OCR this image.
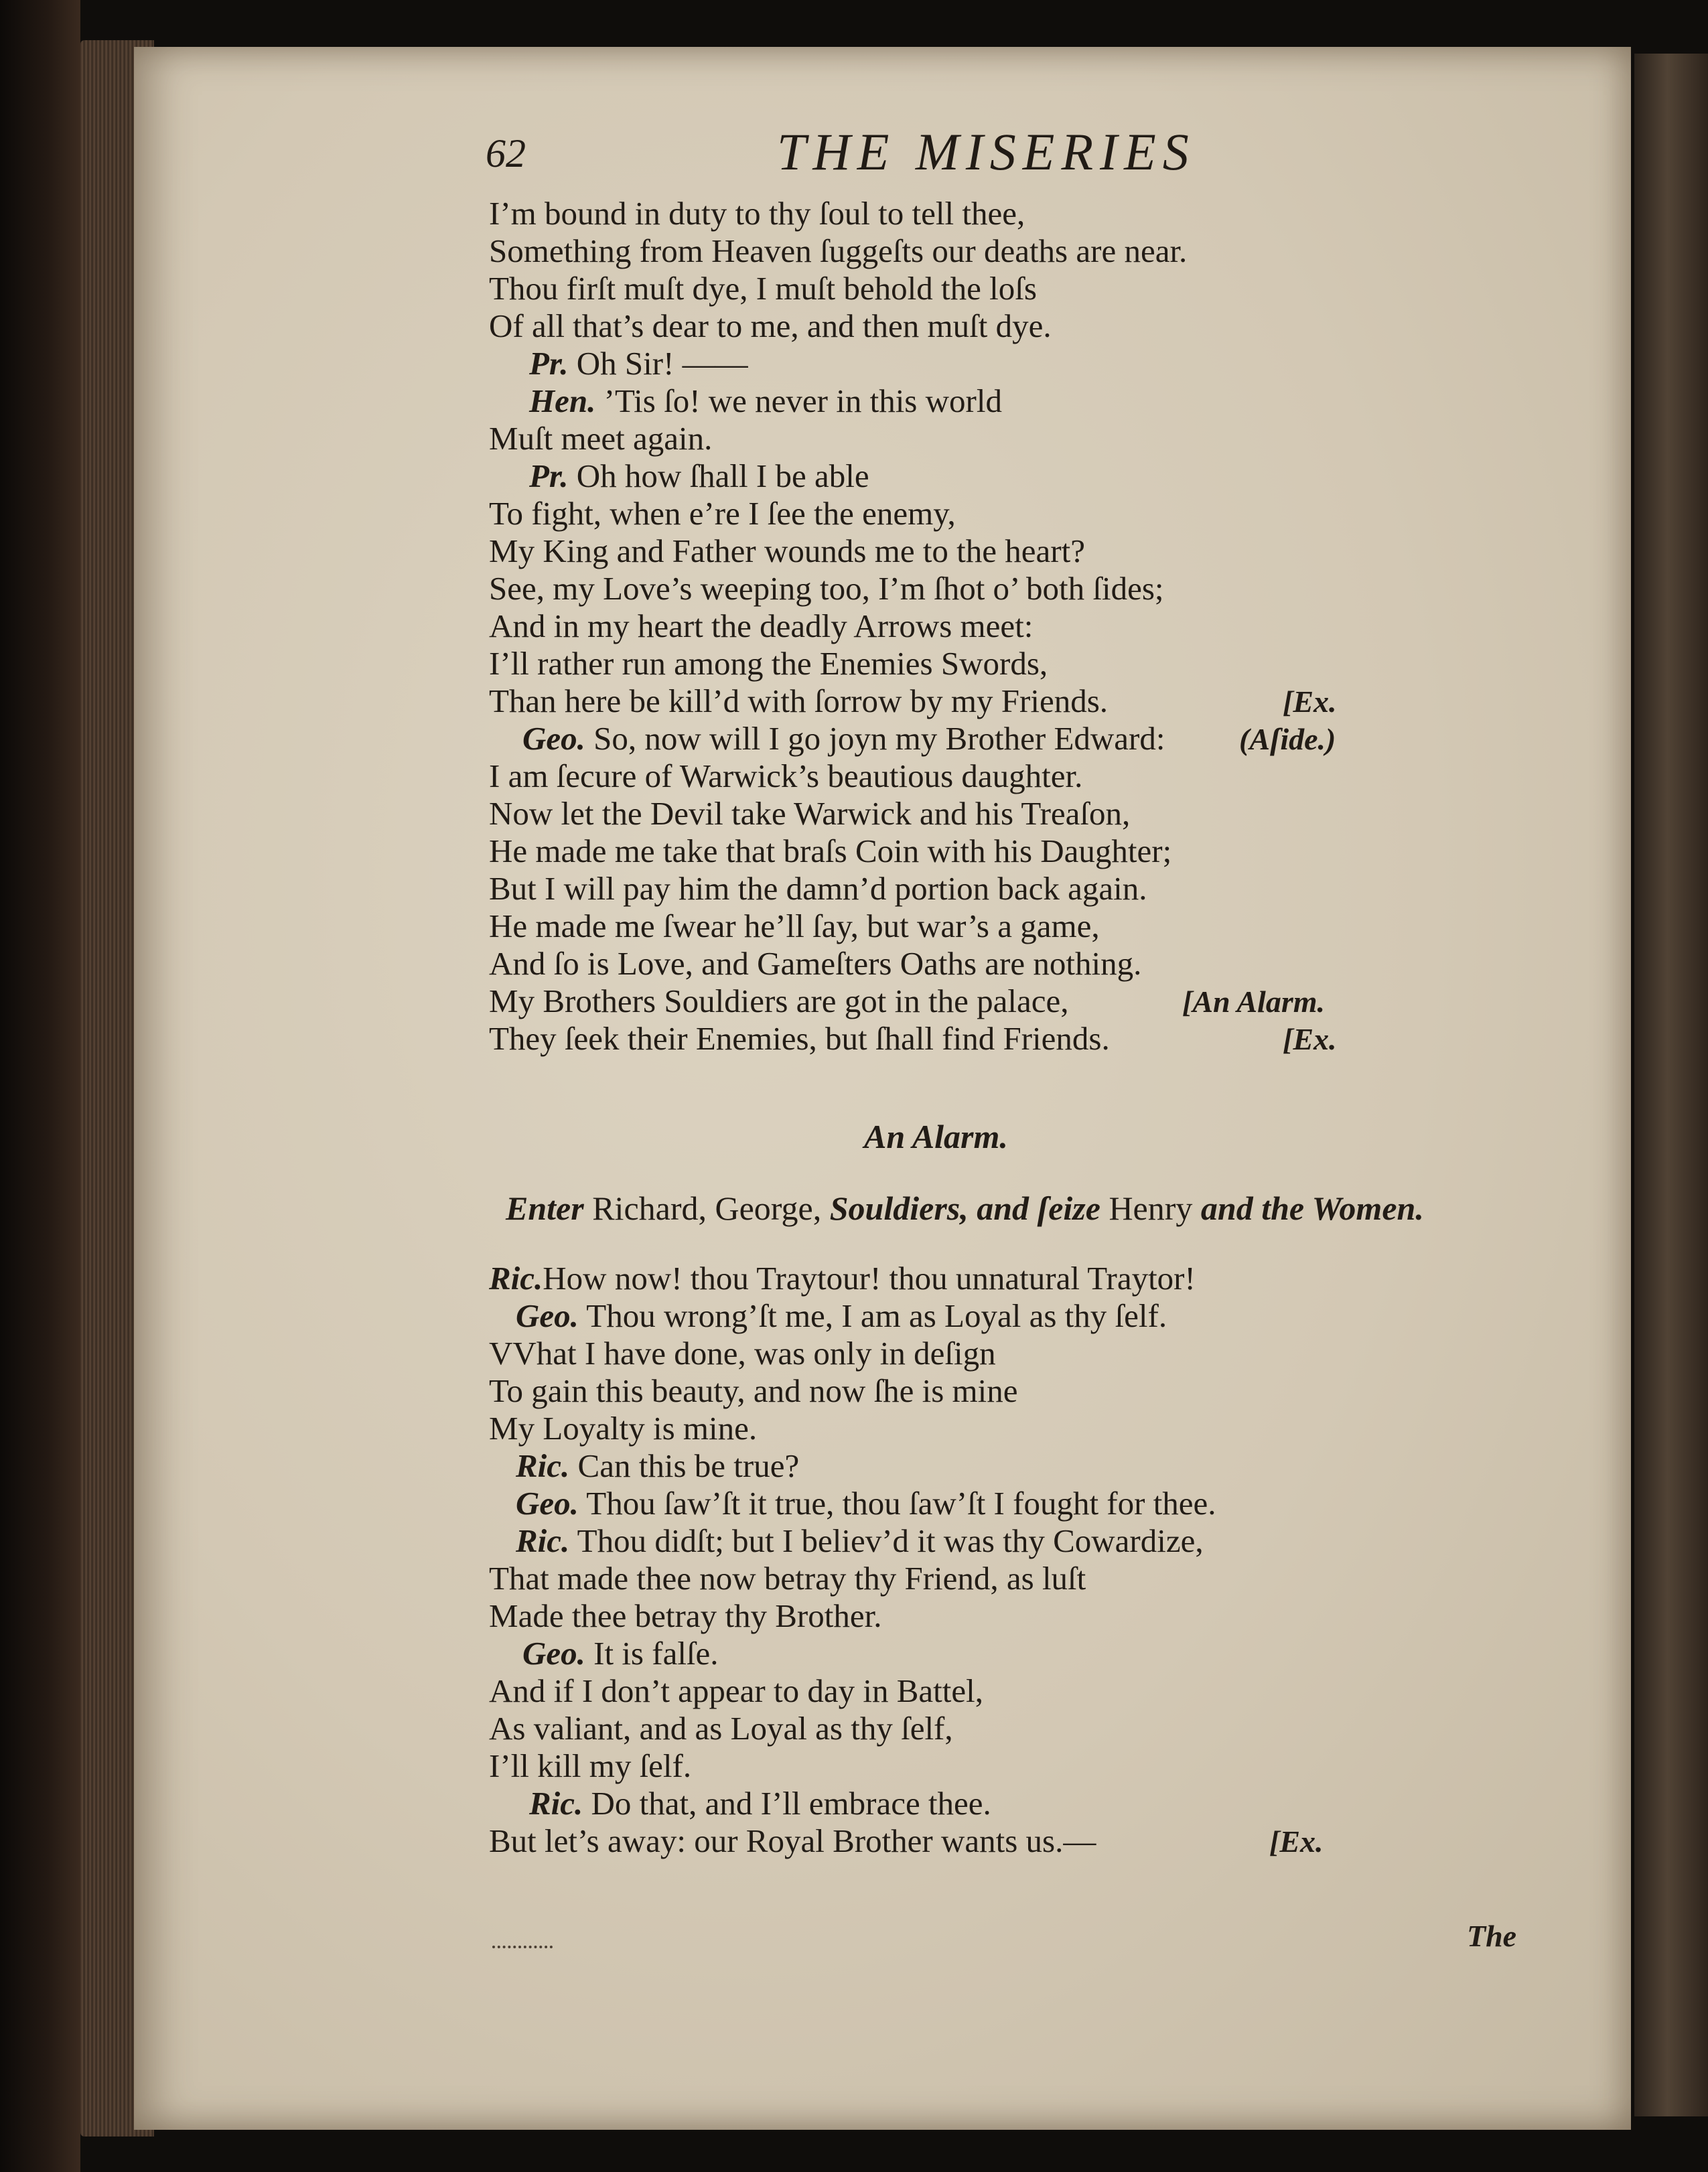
62	THE MISERIES
I’m bound in duty to thy ſoul to tell thee,
Something from Heaven ſuggeſts our deaths are near.
Thou firſt muſt dye, I muſt behold the loſs
Of all that’s dear to me, and then muſt dye.
Pr. Oh Sir! ——
Hen. ’Tis ſo! we never in this world
Muſt meet again.
Pr. Oh how ſhall I be able
To fight, when e’re I ſee the enemy,
My King and Father wounds me to the heart?
See, my Love’s weeping too, I’m ſhot o’ both ſides;
And in my heart the deadly Arrows meet:
I’ll rather run among the Enemies Swords,
Than here be kill’d with ſorrow by my Friends.	[Ex.
Geo. So, now will I go joyn my Brother Edward: (Aſide.)
I am ſecure of Warwick’s beautious daughter.
Now let the Devil take Warwick and his Treaſon,
He made me take that braſs Coin with his Daughter;
But I will pay him the damn’d portion back again.
He made me ſwear he’ll ſay, but war’s a game,
And ſo is Love, and Gameſters Oaths are nothing.
My Brothers Souldiers are got in the palace,	[An Alarm.
They ſeek their Enemies, but ſhall find Friends.	[Ex.
An Alarm.
Enter Richard, George, Souldiers, and ſeize Henry and the Women.
Ric.How now! thou Traytour! thou unnatural Traytor!
Geo. Thou wrong’ſt me, I am as Loyal as thy ſelf.
VVhat I have done, was only in deſign
To gain this beauty, and now ſhe is mine
My Loyalty is mine.
Ric. Can this be true?
Geo. Thou ſaw’ſt it true, thou ſaw’ſt I fought for thee.
Ric. Thou didſt; but I believ’d it was thy Cowardize,
That made thee now betray thy Friend, as luſt
Made thee betray thy Brother.
Geo. It is falſe.
And if I don’t appear to day in Battel,
As valiant, and as Loyal as thy ſelf,
I’ll kill my ſelf.
Ric. Do that, and I’ll embrace thee.
But let’s away: our Royal Brother wants us.—	[Ex.
The
